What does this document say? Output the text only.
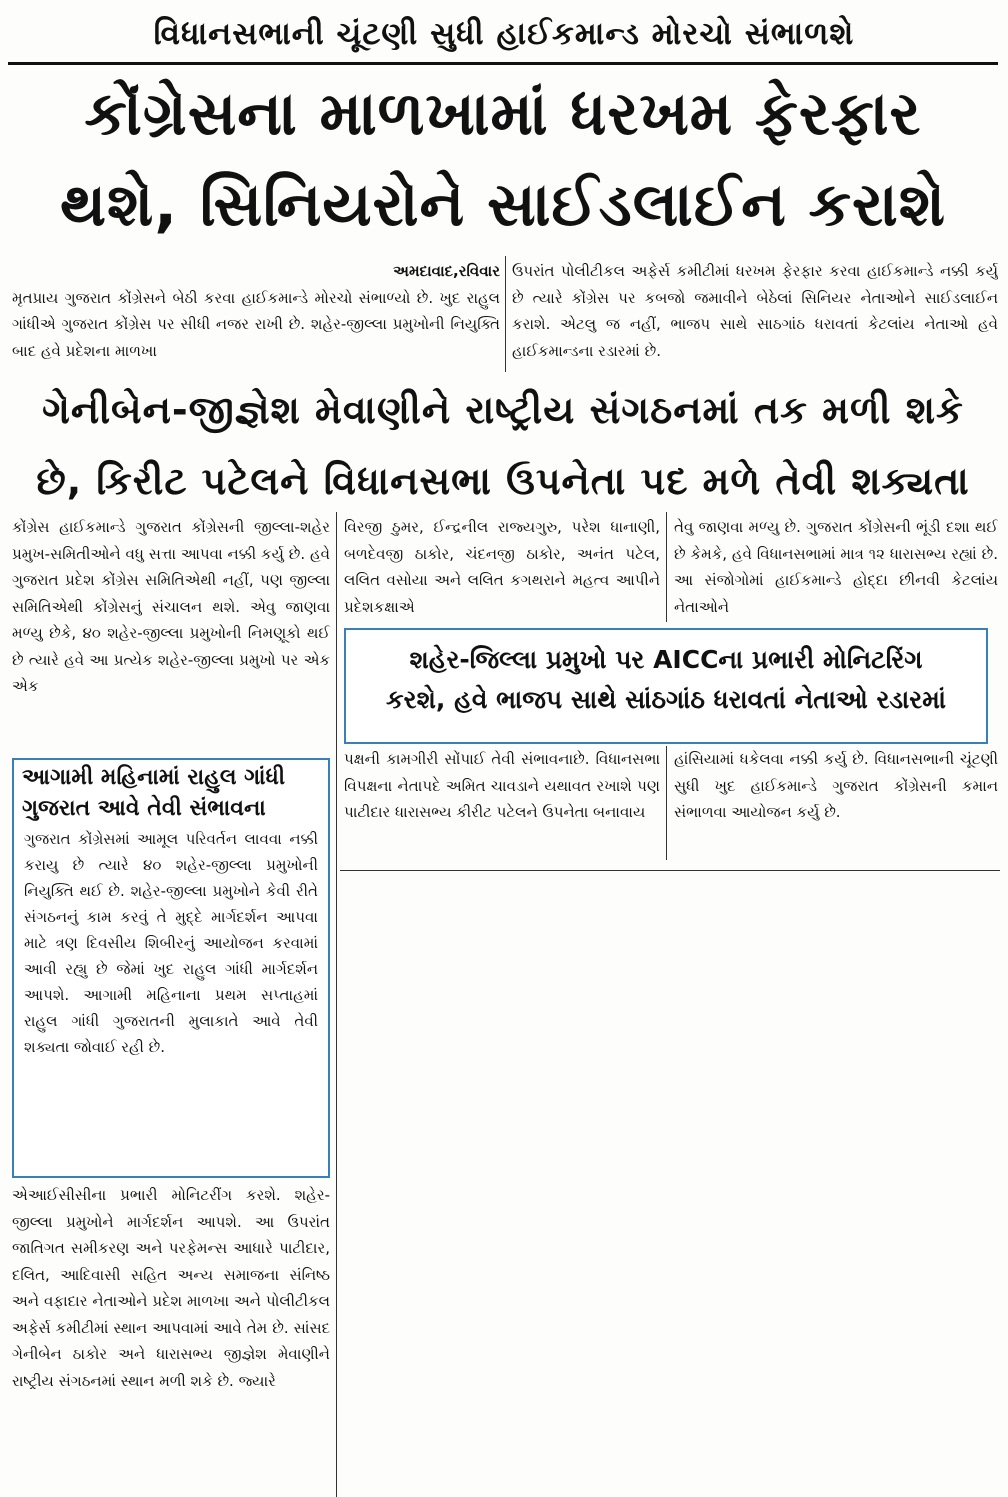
વિધાનસભાની ચૂંટણી સુધી હાઈકમાન્ડ મોરચો સંભાળશે
કોંગ્રેસના માળખામાં ધરખમ ફેરફાર
થશે, સિનિયરોને સાઈડલાઈન કરાશે
અમદાવાદ,રવિવાર
મૃતપ્રાય ગુજરાત કોંગ્રેસને બેઠી કરવા હાઈકમાન્ડે મોરચો સંભાળ્યો છે. ખુદ રાહુલ ગાંધીએ ગુજરાત કોંગ્રેસ પર સીધી નજર રાખી છે. શહેર-જીલ્લા પ્રમુખોની નિયુક્તિ બાદ હવે પ્રદેશના માળખા
ઉપરાંત પોલીટીકલ અફેર્સ કમીટીમાં ધરખમ ફેરફાર કરવા હાઈકમાન્ડે નક્કી કર્યુ છે ત્યારે કોંગ્રેસ પર કબજો જમાવીને બેઠેલાં સિનિયર નેતાઓને સાઈડલાઈન કરાશે. એટલુ જ નહીં, ભાજપ સાથે સાઠગાંઠ ધરાવતાં કેટલાંય નેતાઓ હવે હાઈકમાન્ડના રડારમાં છે.
ગેનીબેન-જીજ્ઞેશ મેવાણીને રાષ્ટ્રીય સંગઠનમાં તક મળી શકે
છે, કિરીટ પટેલને વિધાનસભા ઉપનેતા પદ મળે તેવી શક્યતા
કોંગ્રેસ હાઈકમાન્ડે ગુજરાત કોંગ્રેસની જીલ્લા-શહેર પ્રમુખ-સમિતીઓને વધુ સત્તા આપવા નક્કી કર્યુ છે. હવે ગુજરાત પ્રદેશ કોંગ્રેસ સમિતિએથી નહીં, પણ જીલ્લા સમિતિએથી કોંગ્રેસનું સંચાલન થશે. એવુ જાણવા મળ્યુ છેકે, ૪૦ શહેર-જીલ્લા પ્રમુખોની નિમણૂકો થઈ છે ત્યારે હવે આ પ્રત્યેક શહેર-જીલ્લા પ્રમુખો પર એક એક
વિરજી ઠુમર, ઈન્દ્રનીલ રાજ્યગુરુ, પરેશ ધાનાણી, બળદેવજી ઠાકોર, ચંદનજી ઠાકોર, અનંત પટેલ, લલિત વસોયા અને લલિત કગથરાને મહત્વ આપીને પ્રદેશકક્ષાએ
તેવુ જાણવા મળ્યુ છે. ગુજરાત કોંગ્રેસની ભૂંડી દશા થઈ છે કેમકે, હવે વિધાનસભામાં માત્ર ૧૨ ધારાસભ્ય રહ્યાં છે. આ સંજોગોમાં હાઈકમાન્ડે હોદ્દા છીનવી કેટલાંય નેતાઓને
શહેર-જિલ્લા પ્રમુખો પર AICCના પ્રભારી મોનિટરિંગ
કરશે, હવે ભાજપ સાથે સાંઠગાંઠ ધરાવતાં નેતાઓ રડારમાં
પક્ષની કામગીરી સોંપાઈ તેવી સંભાવનાછે. વિધાનસભા વિપક્ષના નેતાપદે અમિત ચાવડાને યથાવત રખાશે પણ પાટીદાર ધારાસભ્ય કીરીટ પટેલને ઉપનેતા બનાવાય
હાંસિયામાં ધકેલવા નક્કી કર્યુ છે. વિધાનસભાની ચૂંટણી સુધી ખુદ હાઈકમાન્ડે ગુજરાત કોંગ્રેસની કમાન સંભાળવા આયોજન કર્યુ છે.
આગામી મહિનામાં રાહુલ ગાંધી ગુજરાત આવે તેવી સંભાવના
ગુજરાત કોંગ્રેસમાં આમૂલ પરિવર્તન લાવવા નક્કી કરાયુ છે ત્યારે ૪૦ શહેર-જીલ્લા પ્રમુખોની નિયુક્તિ થઈ છે. શહેર-જીલ્લા પ્રમુખોને કેવી રીતે સંગઠનનું કામ કરવું તે મુદ્દે માર્ગદર્શન આપવા માટે ત્રણ દિવસીય શિબીરનું આયોજન કરવામાં આવી રહ્યુ છે જેમાં ખુદ રાહુલ ગાંધી માર્ગદર્શન આપશે. આગામી મહિનાના પ્રથમ સપ્તાહમાં રાહુલ ગાંધી ગુજરાતની મુલાકાતે આવે તેવી શક્યતા જોવાઈ રહી છે.
એઆઈસીસીના પ્રભારી મોનિટરીંગ કરશે. શહેર-જીલ્લા પ્રમુખોને માર્ગદર્શન આપશે. આ ઉપરાંત જાતિગત સમીકરણ અને પરફેમન્સ આધારે પાટીદાર, દલિત, આદિવાસી સહિત અન્ય સમાજના સંનિષ્ઠ અને વફાદાર નેતાઓને પ્રદેશ માળખા અને પોલીટીકલ અફેર્સ કમીટીમાં સ્થાન આપવામાં આવે તેમ છે. સાંસદ ગેનીબેન ઠાકોર અને ધારાસભ્ય જીજ્ઞેશ મેવાણીને રાષ્ટ્રીય સંગઠનમાં સ્થાન મળી શકે છે. જ્યારે
